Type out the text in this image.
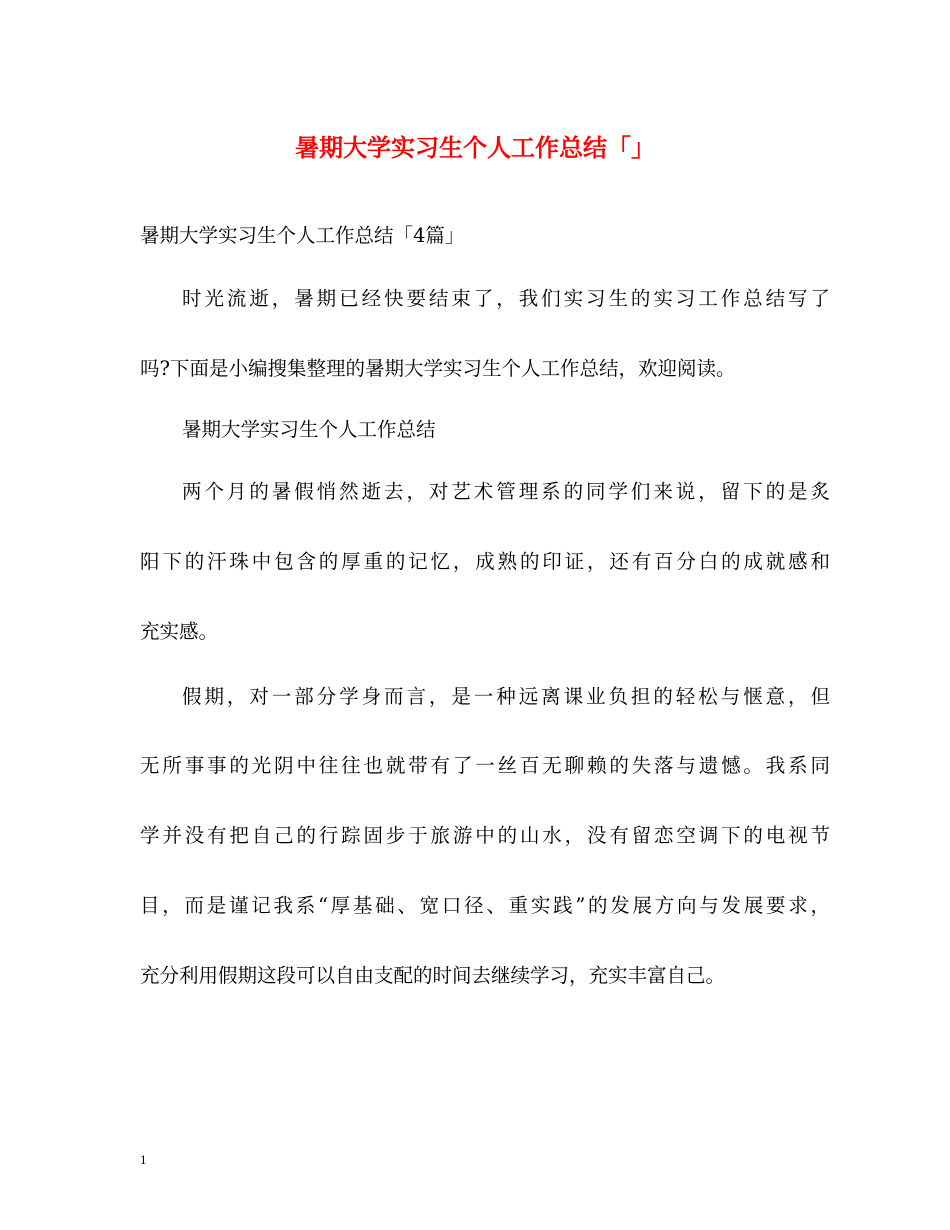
暑期大学实习生个人工作总结「」
暑期大学实习生个人工作总结「4篇」
时光流逝，暑期已经快要结束了，我们实习生的实习工作总结写了
吗?下面是小编搜集整理的暑期大学实习生个人工作总结，欢迎阅读。
暑期大学实习生个人工作总结
两个月的暑假悄然逝去，对艺术管理系的同学们来说，留下的是炙
阳下的汗珠中包含的厚重的记忆，成熟的印证，还有百分白的成就感和
充实感。
假期，对一部分学身而言，是一种远离课业负担的轻松与惬意，但
无所事事的光阴中往往也就带有了一丝百无聊赖的失落与遗憾。我系同
学并没有把自己的行踪固步于旅游中的山水，没有留恋空调下的电视节
目，而是谨记我系“厚基础、宽口径、重实践”的发展方向与发展要求，
充分利用假期这段可以自由支配的时间去继续学习，充实丰富自己。
1
